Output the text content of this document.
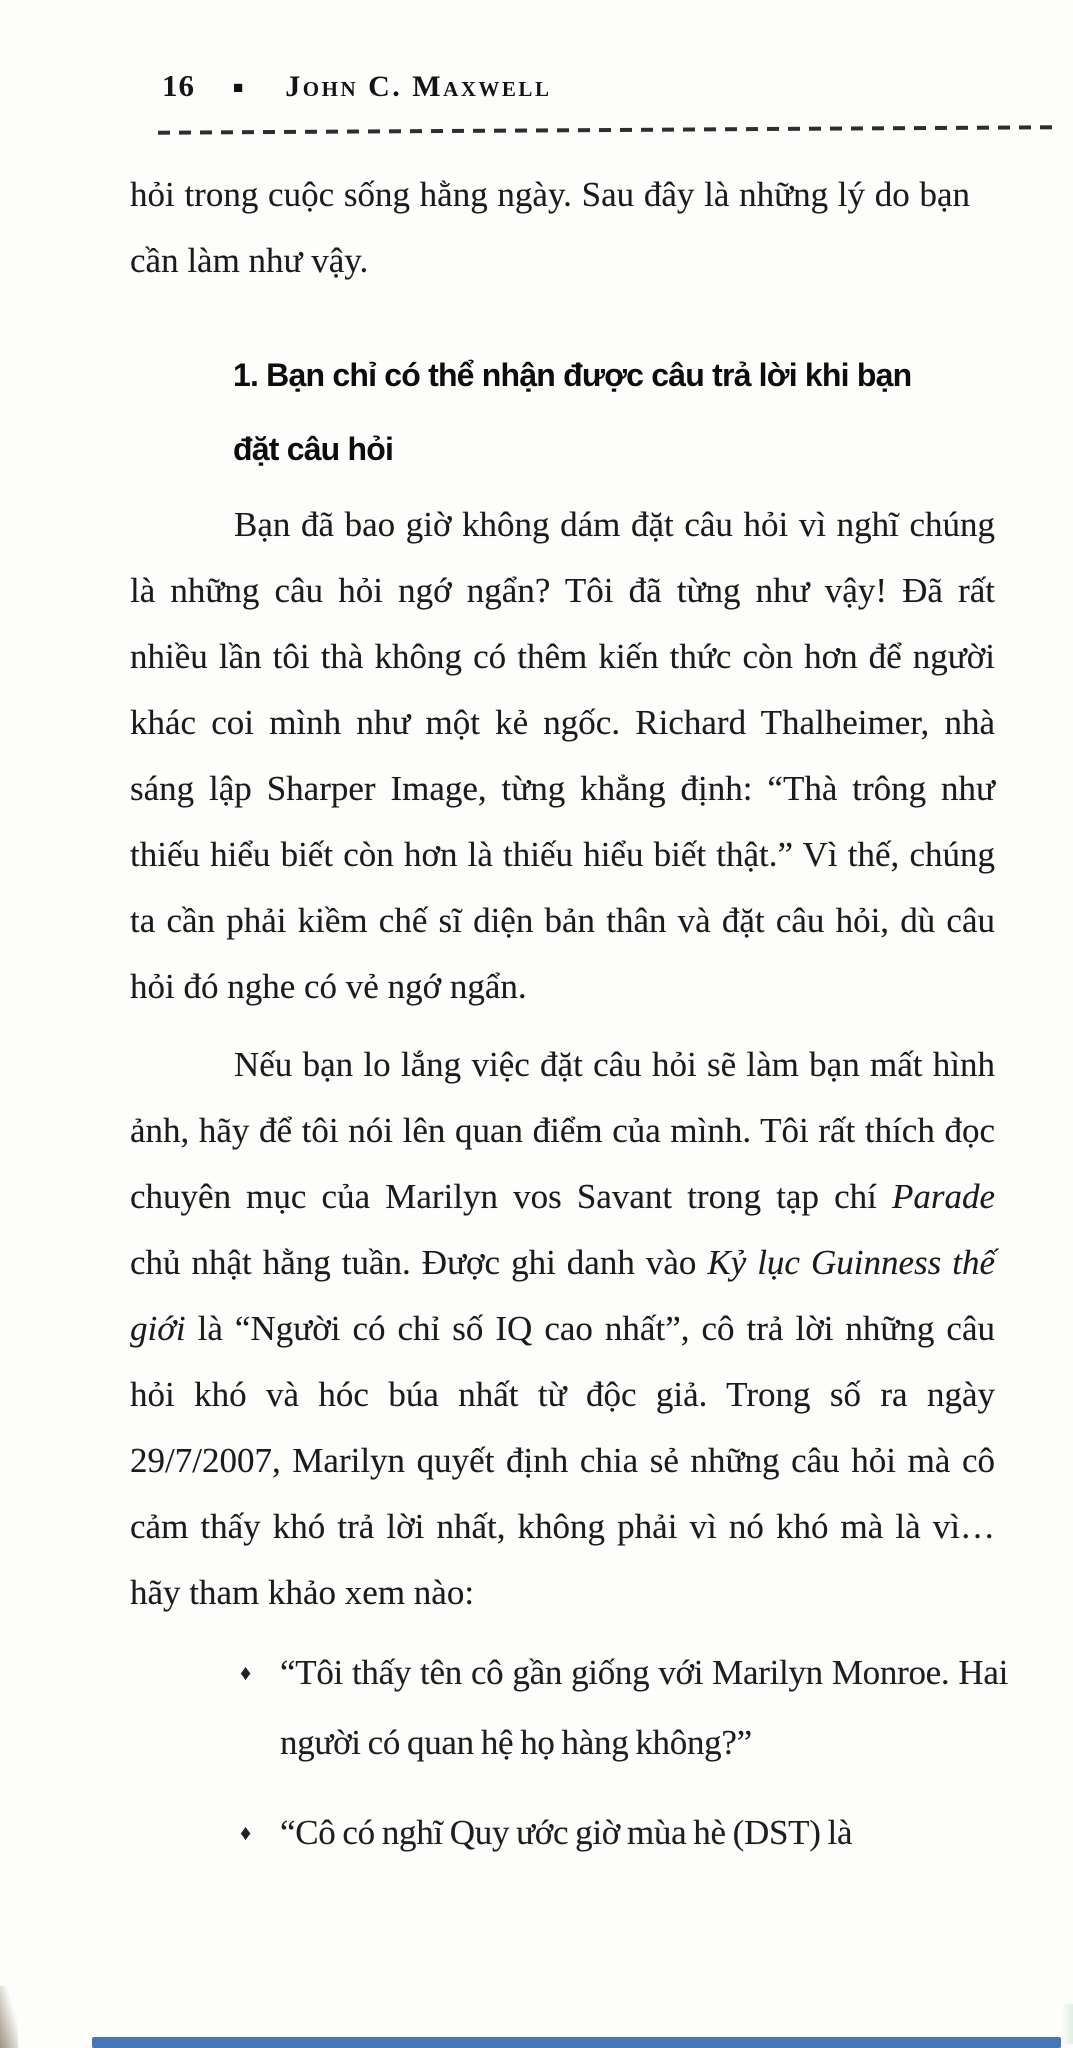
16 ■ John C. Maxwell

hỏi trong cuộc sống hằng ngày. Sau đây là những lý do bạn cần làm như vậy.

1. Bạn chỉ có thể nhận được câu trả lời khi bạn đặt câu hỏi

Bạn đã bao giờ không dám đặt câu hỏi vì nghĩ chúng là những câu hỏi ngớ ngẩn? Tôi đã từng như vậy! Đã rất nhiều lần tôi thà không có thêm kiến thức còn hơn để người khác coi mình như một kẻ ngốc. Richard Thalheimer, nhà sáng lập Sharper Image, từng khẳng định: “Thà trông như thiếu hiểu biết còn hơn là thiếu hiểu biết thật.” Vì thế, chúng ta cần phải kiềm chế sĩ diện bản thân và đặt câu hỏi, dù câu hỏi đó nghe có vẻ ngớ ngẩn.

Nếu bạn lo lắng việc đặt câu hỏi sẽ làm bạn mất hình ảnh, hãy để tôi nói lên quan điểm của mình. Tôi rất thích đọc chuyên mục của Marilyn vos Savant trong tạp chí Parade chủ nhật hằng tuần. Được ghi danh vào Kỷ lục Guinness thế giới là “Người có chỉ số IQ cao nhất”, cô trả lời những câu hỏi khó và hóc búa nhất từ độc giả. Trong số ra ngày 29/7/2007, Marilyn quyết định chia sẻ những câu hỏi mà cô cảm thấy khó trả lời nhất, không phải vì nó khó mà là vì… hãy tham khảo xem nào:

♦ “Tôi thấy tên cô gần giống với Marilyn Monroe. Hai người có quan hệ họ hàng không?”
♦ “Cô có nghĩ Quy ước giờ mùa hè (DST) là
